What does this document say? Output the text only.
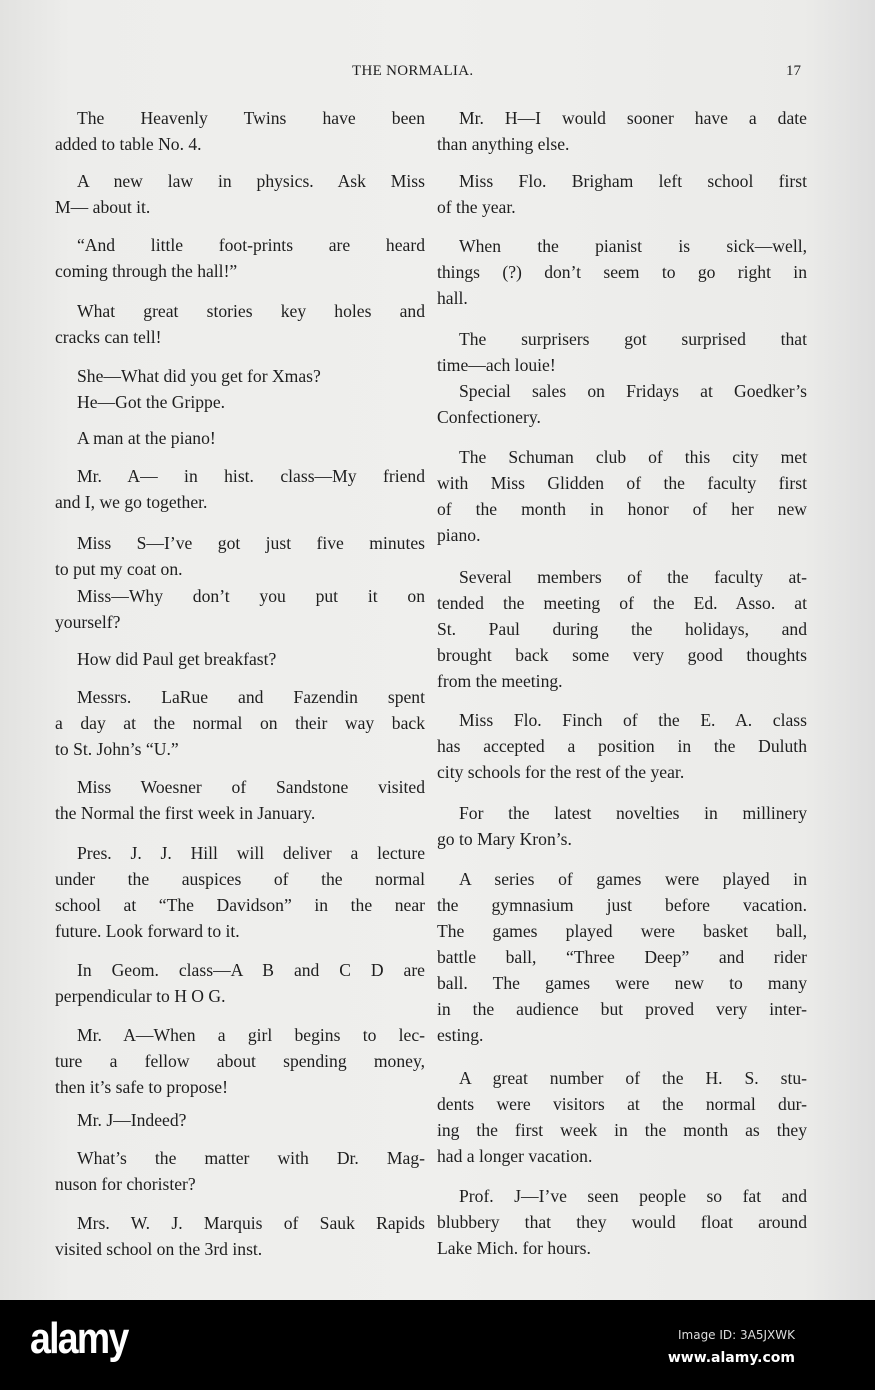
THE NORMALIA.	17
The Heavenly Twins have been
added to table No. 4.
A new law in physics. Ask Miss
M— about it.
“And little foot-prints are heard
coming through the hall!”
What great stories key holes and
cracks can tell!
She—What did you get for Xmas?
He—Got the Grippe.
A man at the piano!
Mr. A— in hist. class—My friend
and I, we go together.
Miss S—I’ve got just five minutes
to put my coat on.
Miss—Why don’t you put it on
yourself?
How did Paul get breakfast?
Messrs. LaRue and Fazendin spent
a day at the normal on their way back
to St. John’s “U.”
Miss Woesner of Sandstone visited
the Normal the first week in January.
Pres. J. J. Hill will deliver a lecture
under the auspices of the normal
school at “The Davidson” in the near
future. Look forward to it.
In Geom. class—A B and C D are
perpendicular to H O G.
Mr. A—When a girl begins to lec-
ture a fellow about spending money,
then it’s safe to propose!
Mr. J—Indeed?
What’s the matter with Dr. Mag-
nuson for chorister?
Mrs. W. J. Marquis of Sauk Rapids
visited school on the 3rd inst.
Mr. H—I would sooner have a date
than anything else.
Miss Flo. Brigham left school first
of the year.
When the pianist is sick—well,
things (?) don’t seem to go right in
hall.
The surprisers got surprised that
time—ach louie!
Special sales on Fridays at Goedker’s
Confectionery.
The Schuman club of this city met
with Miss Glidden of the faculty first
of the month in honor of her new
piano.
Several members of the faculty at-
tended the meeting of the Ed. Asso. at
St. Paul during the holidays, and
brought back some very good thoughts
from the meeting.
Miss Flo. Finch of the E. A. class
has accepted a position in the Duluth
city schools for the rest of the year.
For the latest novelties in millinery
go to Mary Kron’s.
A series of games were played in
the gymnasium just before vacation.
The games played were basket ball,
battle ball, “Three Deep” and rider
ball. The games were new to many
in the audience but proved very inter-
esting.
A great number of the H. S. stu-
dents were visitors at the normal dur-
ing the first week in the month as they
had a longer vacation.
Prof. J—I’ve seen people so fat and
blubbery that they would float around
Lake Mich. for hours.
alamy	Image ID: 3A5JXWK
www.alamy.com
